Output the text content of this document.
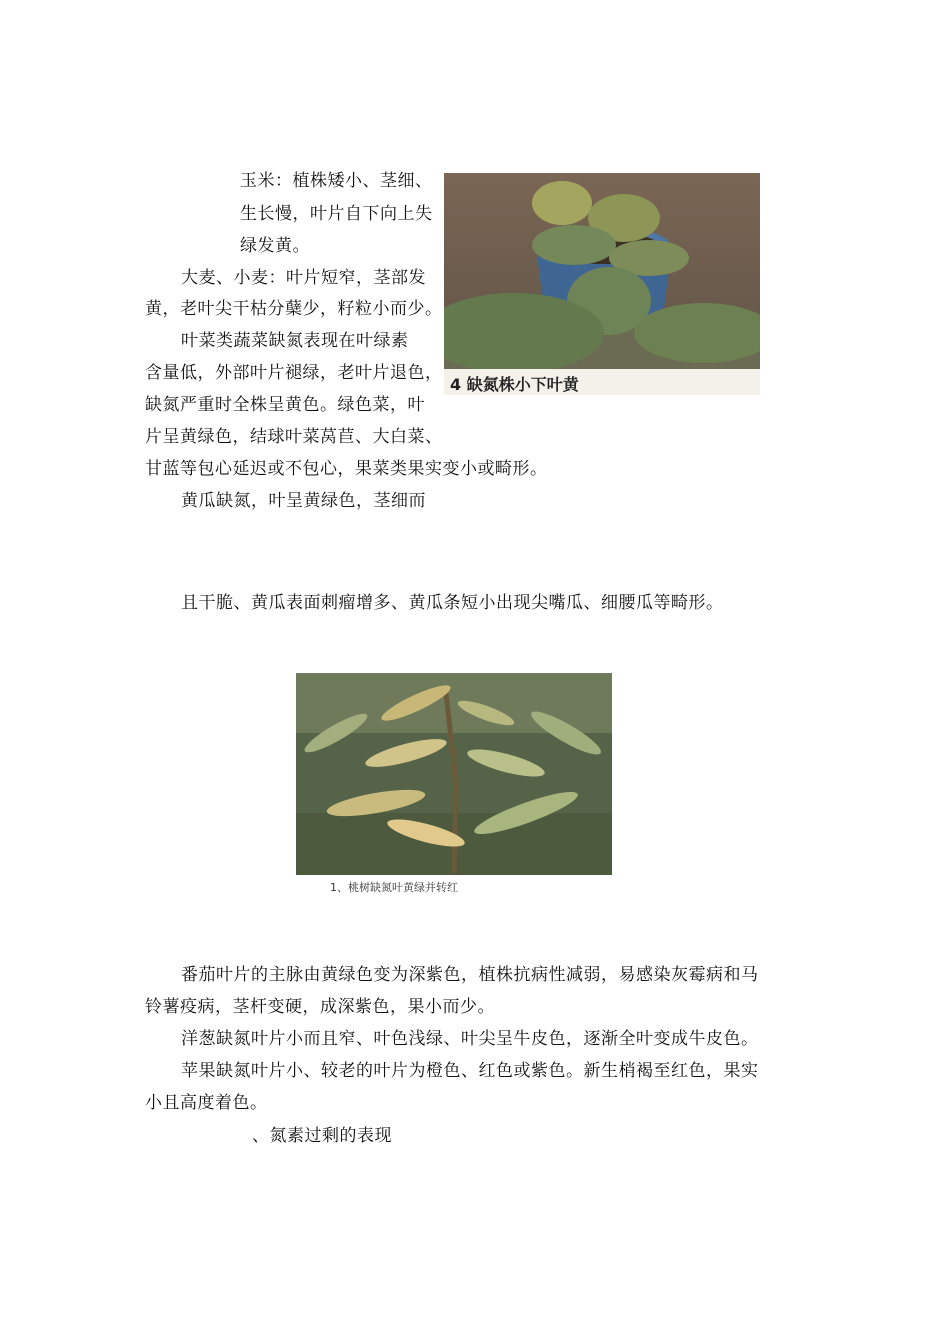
玉米：植株矮小、茎细、
生长慢，叶片自下向上失
绿发黄。
大麦、小麦：叶片短窄，茎部发
黄，老叶尖干枯分蘖少，籽粒小而少。
叶菜类蔬菜缺氮表现在叶绿素
含量低，外部叶片褪绿，老叶片退色，
缺氮严重时全株呈黄色。绿色菜，叶
片呈黄绿色，结球叶菜莴苣、大白菜、
甘蓝等包心延迟或不包心，果菜类果实变小或畸形。
黄瓜缺氮，叶呈黄绿色，茎细而
且干脆、黄瓜表面刺瘤增多、黄瓜条短小出现尖嘴瓜、细腰瓜等畸形。
4 缺氮株小下叶黄
1、桃树缺氮叶黄绿并转红
番茄叶片的主脉由黄绿色变为深紫色，植株抗病性减弱，易感染灰霉病和马
铃薯疫病，茎杆变硬，成深紫色，果小而少。
洋葱缺氮叶片小而且窄、叶色浅绿、叶尖呈牛皮色，逐渐全叶变成牛皮色。
苹果缺氮叶片小、较老的叶片为橙色、红色或紫色。新生梢褐至红色，果实
小且高度着色。
、氮素过剩的表现
